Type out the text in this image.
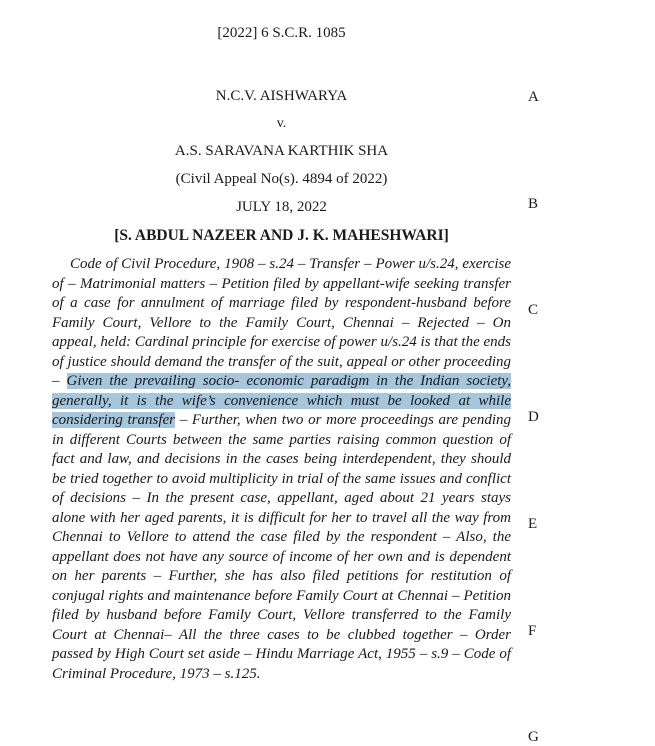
[2022] 6 S.C.R. 1085
N.C.V. AISHWARYA
v.
A.S. SARAVANA KARTHIK SHA
(Civil Appeal No(s). 4894 of 2022)
JULY 18, 2022
[S. ABDUL NAZEER AND J. K. MAHESHWARI]

Code of Civil Procedure, 1908 – s.24 – Transfer – Power u/s.24, exercise of – Matrimonial matters – Petition filed by appellant-wife seeking transfer of a case for annulment of marriage filed by respondent-husband before Family Court, Vellore to the Family Court, Chennai – Rejected – On appeal, held: Cardinal principle for exercise of power u/s.24 is that the ends of justice should demand the transfer of the suit, appeal or other proceeding – Given the prevailing socio- economic paradigm in the Indian society, generally, it is the wife’s convenience which must be looked at while considering transfer – Further, when two or more proceedings are pending in different Courts between the same parties raising common question of fact and law, and decisions in the cases being interdependent, they should be tried together to avoid multiplicity in trial of the same issues and conflict of decisions – In the present case, appellant, aged about 21 years stays alone with her aged parents, it is difficult for her to travel all the way from Chennai to Vellore to attend the case filed by the respondent – Also, the appellant does not have any source of income of her own and is dependent on her parents – Further, she has also filed petitions for restitution of conjugal rights and maintenance before Family Court at Chennai – Petition filed by husband before Family Court, Vellore transferred to the Family Court at Chennai– All the three cases to be clubbed together – Order passed by High Court set aside – Hindu Marriage Act, 1955 – s.9 – Code of Criminal Procedure, 1973 – s.125.

A
B
C
D
E
F
G
